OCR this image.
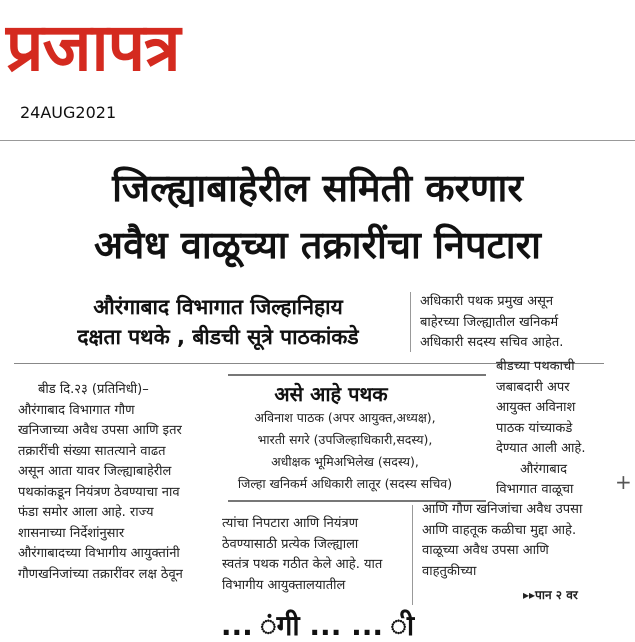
प्रजापत्र
24AUG2021
जिल्ह्याबाहेरील समिती करणार
अवैध वाळूच्या तक्रारींचा निपटारा
औरंगाबाद विभागात जिल्हानिहाय
दक्षता पथके , बीडची सूत्रे पाठकांकडे

अधिकारी पथक प्रमुख असून

बाहेरच्या जिल्ह्यातील खनिकर्म

अधिकारी सदस्य सचिव आहेत.

बीड दि.२३ (प्रतिनिधी)–

औरंगाबाद विभागात गौण

खनिजाच्या अवैध उपसा आणि इतर

तक्रारींची संख्या सातत्याने वाढत

असून आता यावर जिल्ह्याबाहेरील

पथकांकडून नियंत्रण ठेवण्याचा नाव

फंडा समोर आला आहे. राज्य

शासनाच्या निर्देशांनुसार

औरंगाबादच्या विभागीय आयुक्तांनी

गौणखनिजांच्या तक्रारींवर लक्ष ठेवून

असे आहे पथक
अविनाश पाठक (अपर आयुक्त,अध्यक्ष),
भारती सगरे (उपजिल्हाधिकारी,सदस्य),
अधीक्षक भूमिअभिलेख (सदस्य),
जिल्हा खनिकर्म अधिकारी लातूर (सदस्य सचिव)

त्यांचा निपटारा आणि नियंत्रण

ठेवण्यासाठी प्रत्येक जिल्ह्याला

स्वतंत्र पथक गठीत केले आहे. यात

विभागीय आयुक्तालयातील

बीडच्या पथकाची

जबाबदारी अपर

आयुक्त अविनाश

पाठक यांच्याकडे

देण्यात आली आहे.

औरंगाबाद

विभागात वाळूचा

आणि गौण खनिजांचा अवैध उपसा

आणि वाहतूक कळीचा मुद्दा आहे.

वाळूच्या अवैध उपसा आणि

वाहतुकीच्या

▸▸पान २ वर
+
... ंगी ... ... ी
